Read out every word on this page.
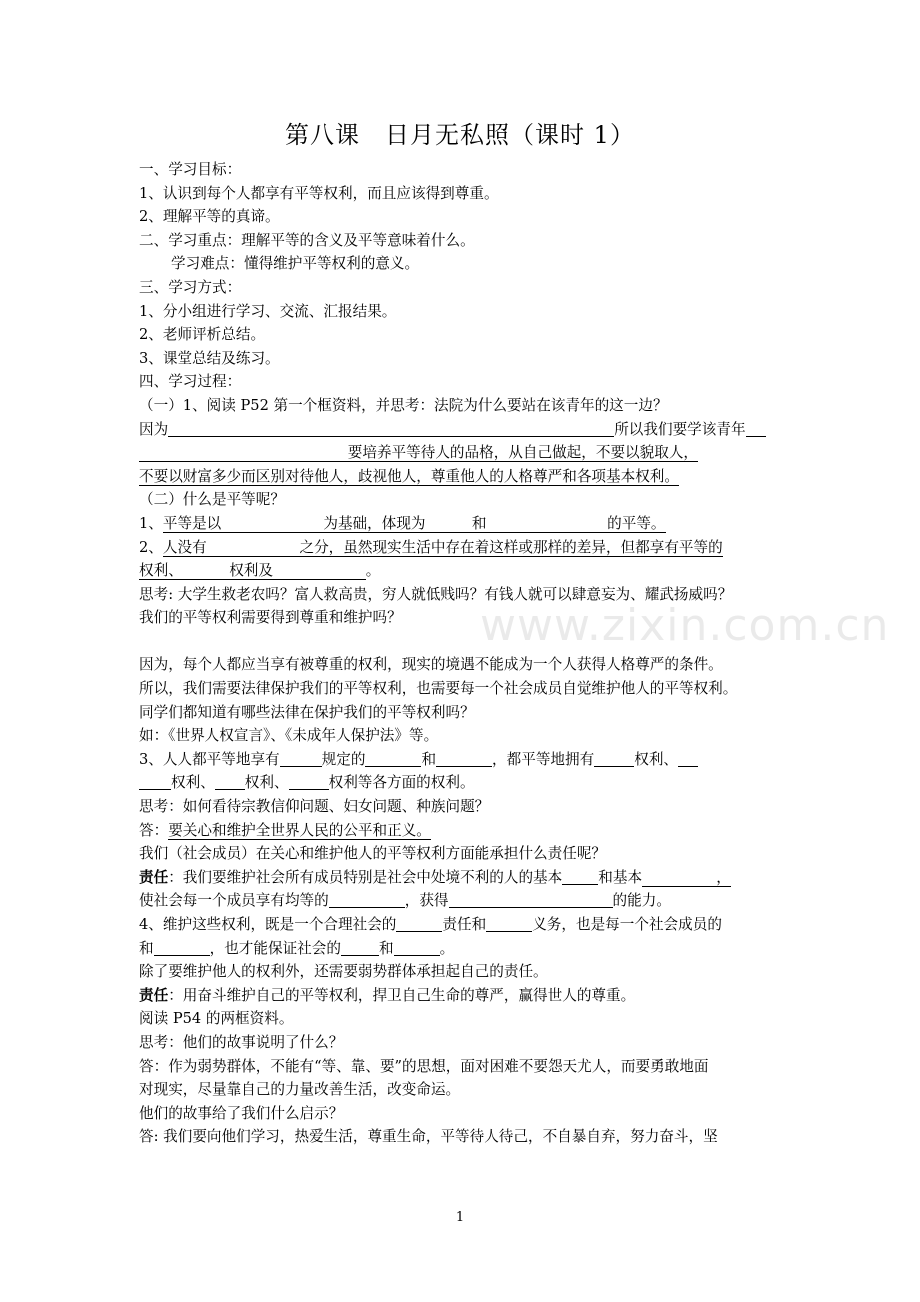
www.zixin.com.cn
第八课　日月无私照（课时 1）
一、学习目标：
1、认识到每个人都享有平等权利，而且应该得到尊重。
2、理解平等的真谛。
二、学习重点：理解平等的含义及平等意味着什么。
学习难点：懂得维护平等权利的意义。
三、学习方式：
1、分小组进行学习、交流、汇报结果。
2、老师评析总结。
3、课堂总结及练习。
四、学习过程：
（一）1、阅读 P52 第一个框资料，并思考：法院为什么要站在该青年的这一边？
因为	所以我们要学该青年
要培养平等待人的品格，从自己做起，不要以貌取人，
不要以财富多少而区别对待他人，歧视他人，尊重他人的人格尊严和各项基本权利。
（二）什么是平等呢？
1、平等是以	为基础，体现为	和	的平等。
2、人没有	之分，虽然现实生活中存在着这样或那样的差异，但都享有平等的
权利、	权利及	。
思考: 大学生救老农吗？富人救高贵，穷人就低贱吗？有钱人就可以肆意妄为、耀武扬威吗？
我们的平等权利需要得到尊重和维护吗？
因为，每个人都应当享有被尊重的权利，现实的境遇不能成为一个人获得人格尊严的条件。
所以，我们需要法律保护我们的平等权利，也需要每一个社会成员自觉维护他人的平等权利。
同学们都知道有哪些法律在保护我们的平等权利吗？
如：《世界人权宣言》、《未成年人保护法》等。
3、人人都平等地享有	规定的	和	，都平等地拥有	权利、
权利、 权利、	权利等各方面的权利。
思考：如何看待宗教信仰问题、妇女问题、种族问题？
答：要关心和维护全世界人民的公平和正义。
我们（社会成员）在关心和维护他人的平等权利方面能承担什么责任呢？
责任：我们要维护社会所有成员特别是社会中处境不利的人的基本 和基本	，
使社会每一个成员享有均等的	，获得	的能力。
4、维护这些权利，既是一个合理社会的	责任和	义务，也是每一个社会成员的
和	，也才能保证社会的	和	。
除了要维护他人的权利外，还需要弱势群体承担起自己的责任。
责任：用奋斗维护自己的平等权利，捍卫自己生命的尊严，赢得世人的尊重。
阅读 P54 的两框资料。
思考：他们的故事说明了什么？
答：作为弱势群体，不能有“等、靠、要”的思想，面对困难不要怨天尤人，而要勇敢地面
对现实，尽量靠自己的力量改善生活，改变命运。
他们的故事给了我们什么启示？
答: 我们要向他们学习，热爱生活，尊重生命，平等待人待己，不自暴自弃，努力奋斗，坚
1
